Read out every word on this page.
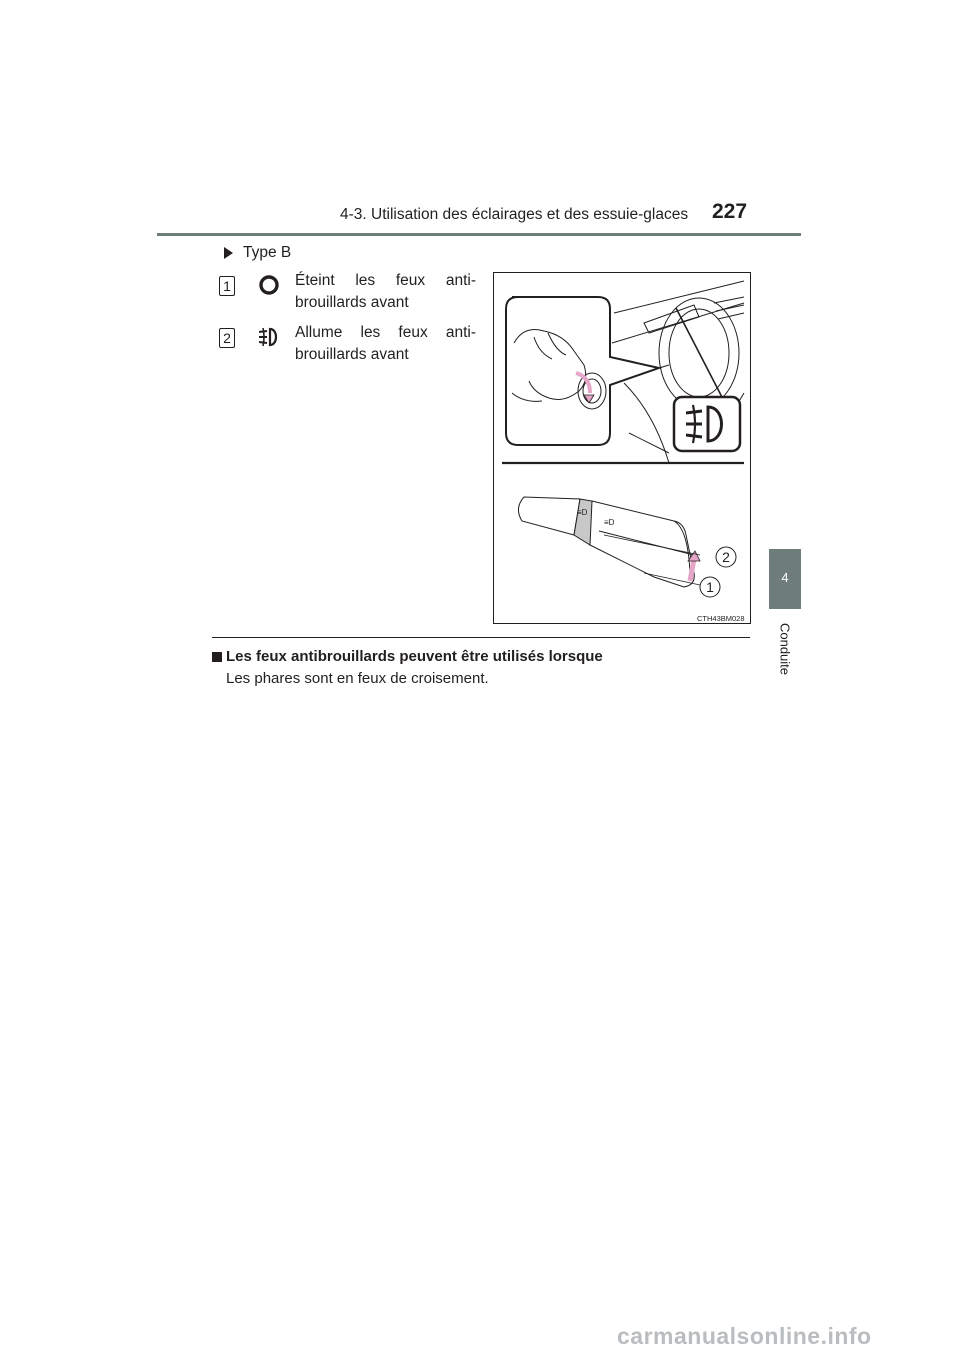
4-3. Utilisation des éclairages et des essuie-glaces 227
4
Conduite
Type B
1	Éteint les feux anti-brouillards avant
2	Allume les feux anti-brouillards avant
≡D
≡D
2
1
CTH43BM028
Les feux antibrouillards peuvent être utilisés lorsque
Les phares sont en feux de croisement.
carmanualsonline.info
